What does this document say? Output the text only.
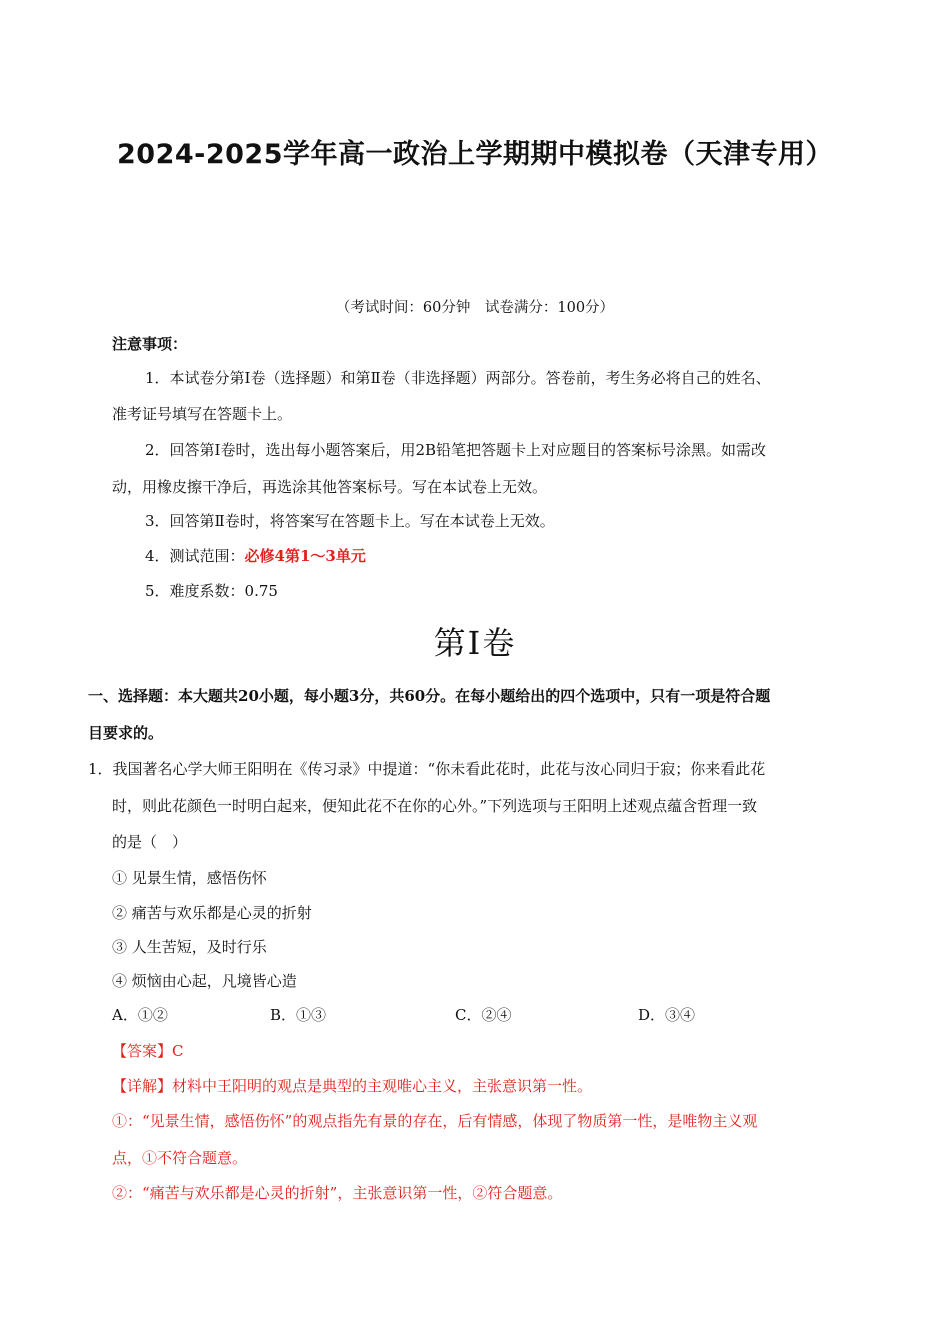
2024-2025学年高一政治上学期期中模拟卷（天津专用）
（考试时间：60分钟　试卷满分：100分）
注意事项：
1．本试卷分第Ⅰ卷（选择题）和第Ⅱ卷（非选择题）两部分。答卷前，考生务必将自己的姓名、
准考证号填写在答题卡上。
2．回答第Ⅰ卷时，选出每小题答案后，用2B铅笔把答题卡上对应题目的答案标号涂黑。如需改
动，用橡皮擦干净后，再选涂其他答案标号。写在本试卷上无效。
3．回答第Ⅱ卷时，将答案写在答题卡上。写在本试卷上无效。
4．测试范围：必修4第1～3单元
5．难度系数：0.75
第Ⅰ卷
一、选择题：本大题共20小题，每小题3分，共60分。在每小题给出的四个选项中，只有一项是符合题
目要求的。
1．我国著名心学大师王阳明在《传习录》中提道：“你未看此花时，此花与汝心同归于寂；你来看此花
时，则此花颜色一时明白起来，便知此花不在你的心外。”下列选项与王阳明上述观点蕴含哲理一致
的是（　）
① 见景生情，感悟伤怀
② 痛苦与欢乐都是心灵的折射
③ 人生苦短，及时行乐
④ 烦恼由心起，凡境皆心造
A．①②	B．①③	C．②④	D．③④
【答案】C
【详解】材料中王阳明的观点是典型的主观唯心主义，主张意识第一性。
①：“见景生情，感悟伤怀”的观点指先有景的存在，后有情感，体现了物质第一性，是唯物主义观
点，①不符合题意。
②：“痛苦与欢乐都是心灵的折射”，主张意识第一性，②符合题意。
